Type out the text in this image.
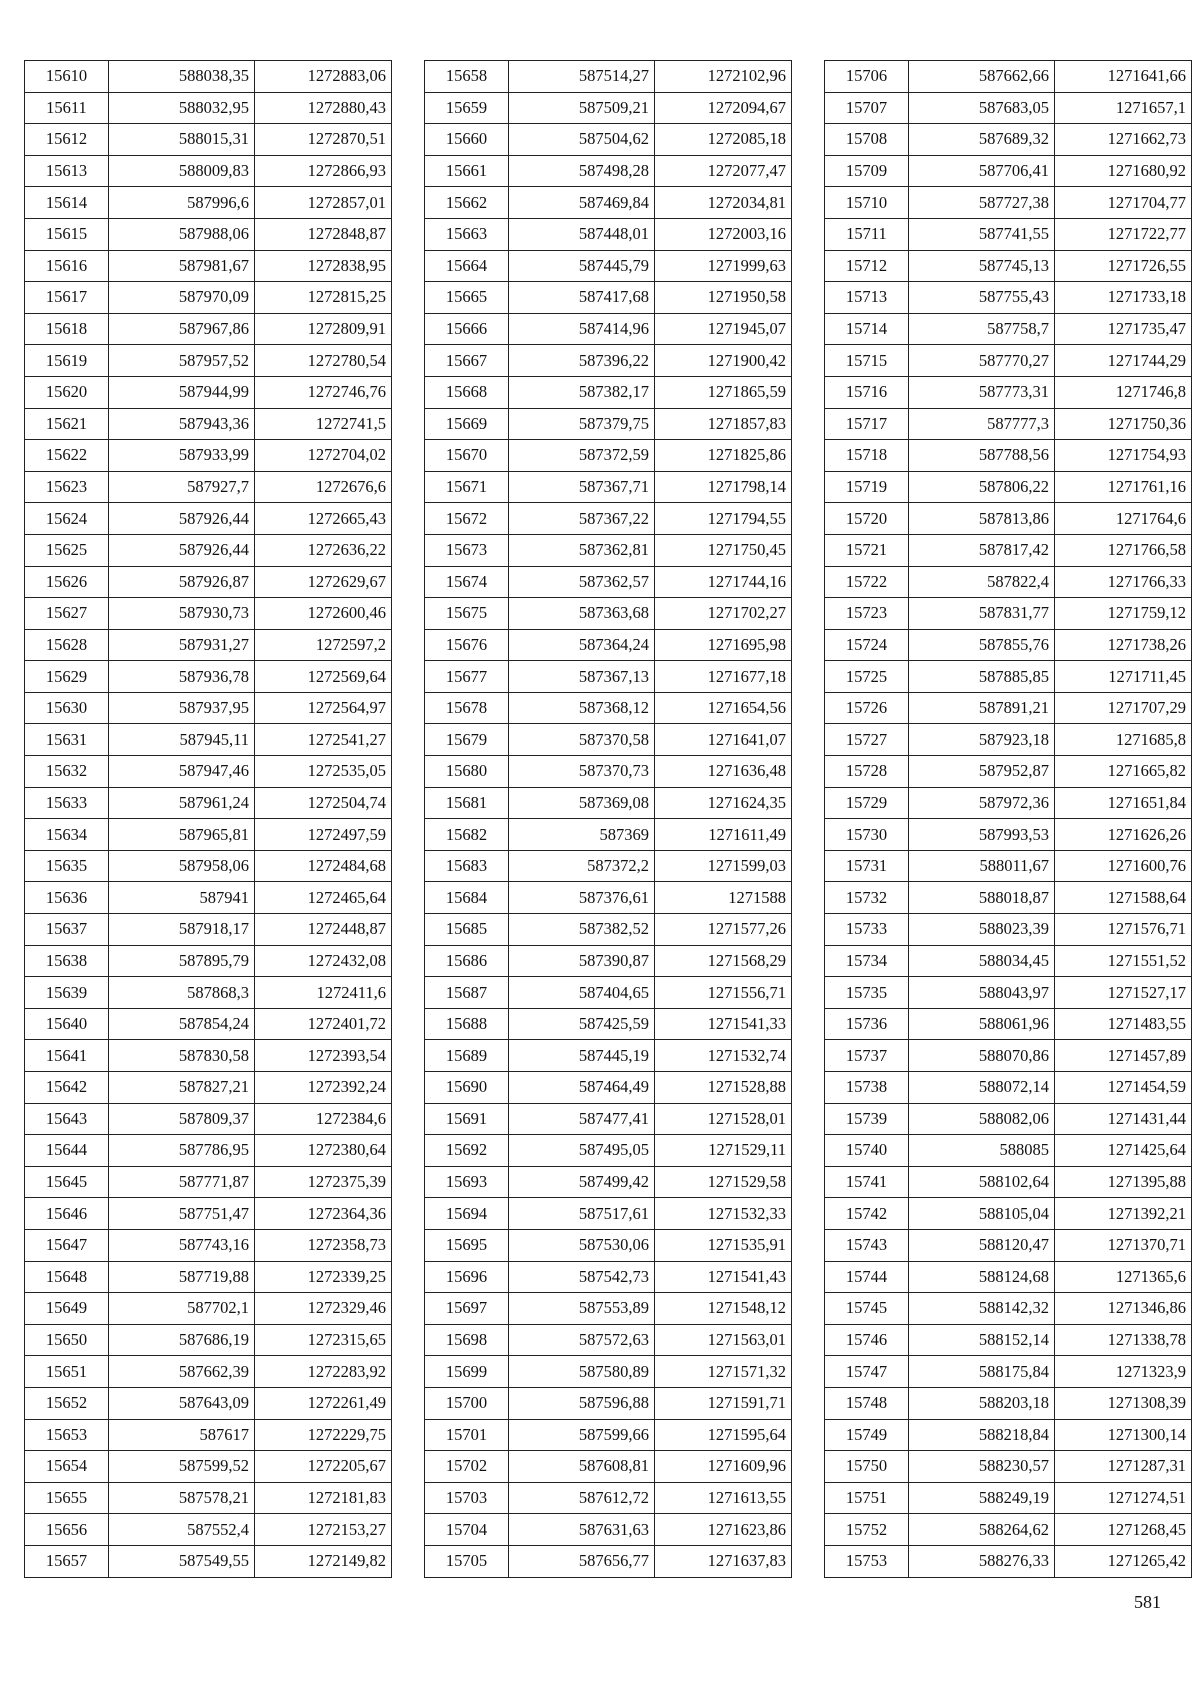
15610	588038,35	1272883,06
15611	588032,95	1272880,43
15612	588015,31	1272870,51
15613	588009,83	1272866,93
15614	587996,6	1272857,01
15615	587988,06	1272848,87
15616	587981,67	1272838,95
15617	587970,09	1272815,25
15618	587967,86	1272809,91
15619	587957,52	1272780,54
15620	587944,99	1272746,76
15621	587943,36	1272741,5
15622	587933,99	1272704,02
15623	587927,7	1272676,6
15624	587926,44	1272665,43
15625	587926,44	1272636,22
15626	587926,87	1272629,67
15627	587930,73	1272600,46
15628	587931,27	1272597,2
15629	587936,78	1272569,64
15630	587937,95	1272564,97
15631	587945,11	1272541,27
15632	587947,46	1272535,05
15633	587961,24	1272504,74
15634	587965,81	1272497,59
15635	587958,06	1272484,68
15636	587941	1272465,64
15637	587918,17	1272448,87
15638	587895,79	1272432,08
15639	587868,3	1272411,6
15640	587854,24	1272401,72
15641	587830,58	1272393,54
15642	587827,21	1272392,24
15643	587809,37	1272384,6
15644	587786,95	1272380,64
15645	587771,87	1272375,39
15646	587751,47	1272364,36
15647	587743,16	1272358,73
15648	587719,88	1272339,25
15649	587702,1	1272329,46
15650	587686,19	1272315,65
15651	587662,39	1272283,92
15652	587643,09	1272261,49
15653	587617	1272229,75
15654	587599,52	1272205,67
15655	587578,21	1272181,83
15656	587552,4	1272153,27
15657	587549,55	1272149,82
15658	587514,27	1272102,96
15659	587509,21	1272094,67
15660	587504,62	1272085,18
15661	587498,28	1272077,47
15662	587469,84	1272034,81
15663	587448,01	1272003,16
15664	587445,79	1271999,63
15665	587417,68	1271950,58
15666	587414,96	1271945,07
15667	587396,22	1271900,42
15668	587382,17	1271865,59
15669	587379,75	1271857,83
15670	587372,59	1271825,86
15671	587367,71	1271798,14
15672	587367,22	1271794,55
15673	587362,81	1271750,45
15674	587362,57	1271744,16
15675	587363,68	1271702,27
15676	587364,24	1271695,98
15677	587367,13	1271677,18
15678	587368,12	1271654,56
15679	587370,58	1271641,07
15680	587370,73	1271636,48
15681	587369,08	1271624,35
15682	587369	1271611,49
15683	587372,2	1271599,03
15684	587376,61	1271588
15685	587382,52	1271577,26
15686	587390,87	1271568,29
15687	587404,65	1271556,71
15688	587425,59	1271541,33
15689	587445,19	1271532,74
15690	587464,49	1271528,88
15691	587477,41	1271528,01
15692	587495,05	1271529,11
15693	587499,42	1271529,58
15694	587517,61	1271532,33
15695	587530,06	1271535,91
15696	587542,73	1271541,43
15697	587553,89	1271548,12
15698	587572,63	1271563,01
15699	587580,89	1271571,32
15700	587596,88	1271591,71
15701	587599,66	1271595,64
15702	587608,81	1271609,96
15703	587612,72	1271613,55
15704	587631,63	1271623,86
15705	587656,77	1271637,83
15706	587662,66	1271641,66
15707	587683,05	1271657,1
15708	587689,32	1271662,73
15709	587706,41	1271680,92
15710	587727,38	1271704,77
15711	587741,55	1271722,77
15712	587745,13	1271726,55
15713	587755,43	1271733,18
15714	587758,7	1271735,47
15715	587770,27	1271744,29
15716	587773,31	1271746,8
15717	587777,3	1271750,36
15718	587788,56	1271754,93
15719	587806,22	1271761,16
15720	587813,86	1271764,6
15721	587817,42	1271766,58
15722	587822,4	1271766,33
15723	587831,77	1271759,12
15724	587855,76	1271738,26
15725	587885,85	1271711,45
15726	587891,21	1271707,29
15727	587923,18	1271685,8
15728	587952,87	1271665,82
15729	587972,36	1271651,84
15730	587993,53	1271626,26
15731	588011,67	1271600,76
15732	588018,87	1271588,64
15733	588023,39	1271576,71
15734	588034,45	1271551,52
15735	588043,97	1271527,17
15736	588061,96	1271483,55
15737	588070,86	1271457,89
15738	588072,14	1271454,59
15739	588082,06	1271431,44
15740	588085	1271425,64
15741	588102,64	1271395,88
15742	588105,04	1271392,21
15743	588120,47	1271370,71
15744	588124,68	1271365,6
15745	588142,32	1271346,86
15746	588152,14	1271338,78
15747	588175,84	1271323,9
15748	588203,18	1271308,39
15749	588218,84	1271300,14
15750	588230,57	1271287,31
15751	588249,19	1271274,51
15752	588264,62	1271268,45
15753	588276,33	1271265,42
581
